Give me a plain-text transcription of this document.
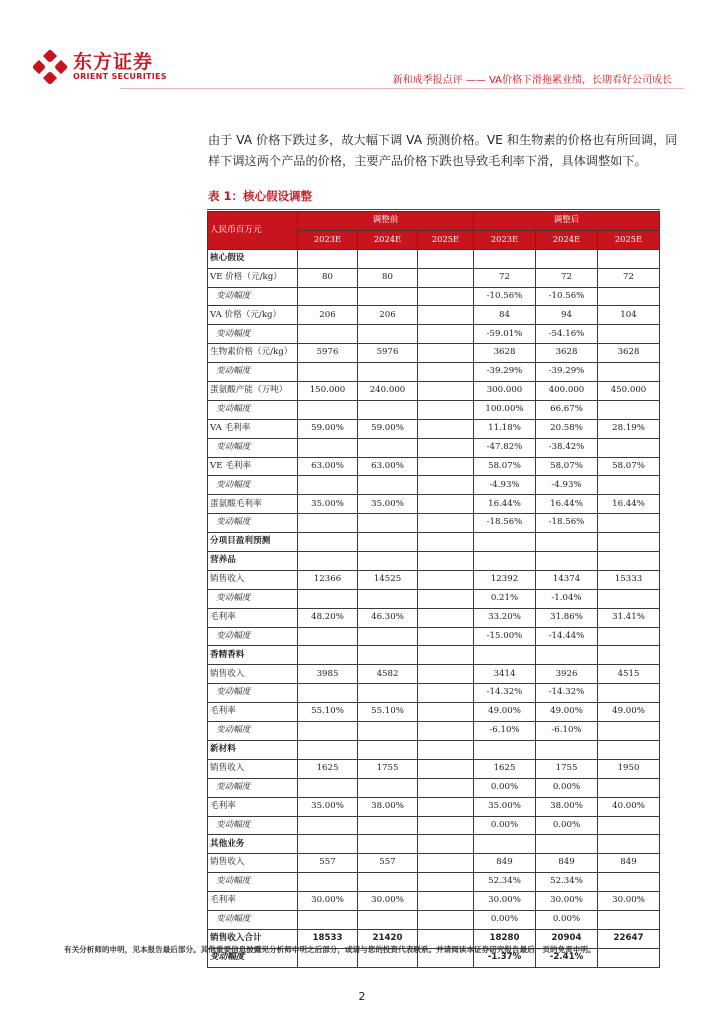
东方证券
ORIENT SECURITIES	新和成季报点评 —— VA价格下滑拖累业绩，长期看好公司成长

由于 VA 价格下跌过多，故大幅下调 VA 预测价格。VE 和生物素的价格也有所回调，同样下调这两个产品的价格，主要产品价格下跌也导致毛利率下滑，具体调整如下。

表 1：核心假设调整
人民币百万元	调整前			调整后		
	2023E	2024E	2025E	2023E	2024E	2025E
核心假设						
VE 价格（元/kg）	80	80		72	72	72
变动幅度				-10.56%	-10.56%	
VA 价格（元/kg）	206	206		84	94	104
变动幅度				-59.01%	-54.16%	
生物素价格（元/kg）	5976	5976		3628	3628	3628
变动幅度				-39.29%	-39.29%	
蛋氨酸产能（万吨）	150.000	240.000		300.000	400.000	450.000
变动幅度				100.00%	66.67%	
VA 毛利率	59.00%	59.00%		11.18%	20.58%	28.19%
变动幅度				-47.82%	-38.42%	
VE 毛利率	63.00%	63.00%		58.07%	58.07%	58.07%
变动幅度				-4.93%	-4.93%	
蛋氨酸毛利率	35.00%	35.00%		16.44%	16.44%	16.44%
变动幅度				-18.56%	-18.56%	
分项目盈利预测						
营养品						
销售收入	12366	14525		12392	14374	15333
变动幅度				0.21%	-1.04%	
毛利率	48.20%	46.30%		33.20%	31.86%	31.41%
变动幅度				-15.00%	-14.44%	
香精香料						
销售收入	3985	4582		3414	3926	4515
变动幅度				-14.32%	-14.32%	
毛利率	55.10%	55.10%		49.00%	49.00%	49.00%
变动幅度				-6.10%	-6.10%	
新材料						
销售收入	1625	1755		1625	1755	1950
变动幅度				0.00%	0.00%	
毛利率	35.00%	38.00%		35.00%	38.00%	40.00%
变动幅度				0.00%	0.00%	
其他业务						
销售收入	557	557		849	849	849
变动幅度				52.34%	52.34%	
毛利率	30.00%	30.00%		30.00%	30.00%	30.00%
变动幅度				0.00%	0.00%	
销售收入合计	18533	21420		18280	20904	22647
变动幅度				-1.37%	-2.41%	
有关分析师的申明，见本报告最后部分。其他重要信息披露见分析师申明之后部分，或请与您的投资代表联系。并请阅读本证券研究报告最后一页的免责申明。
2
